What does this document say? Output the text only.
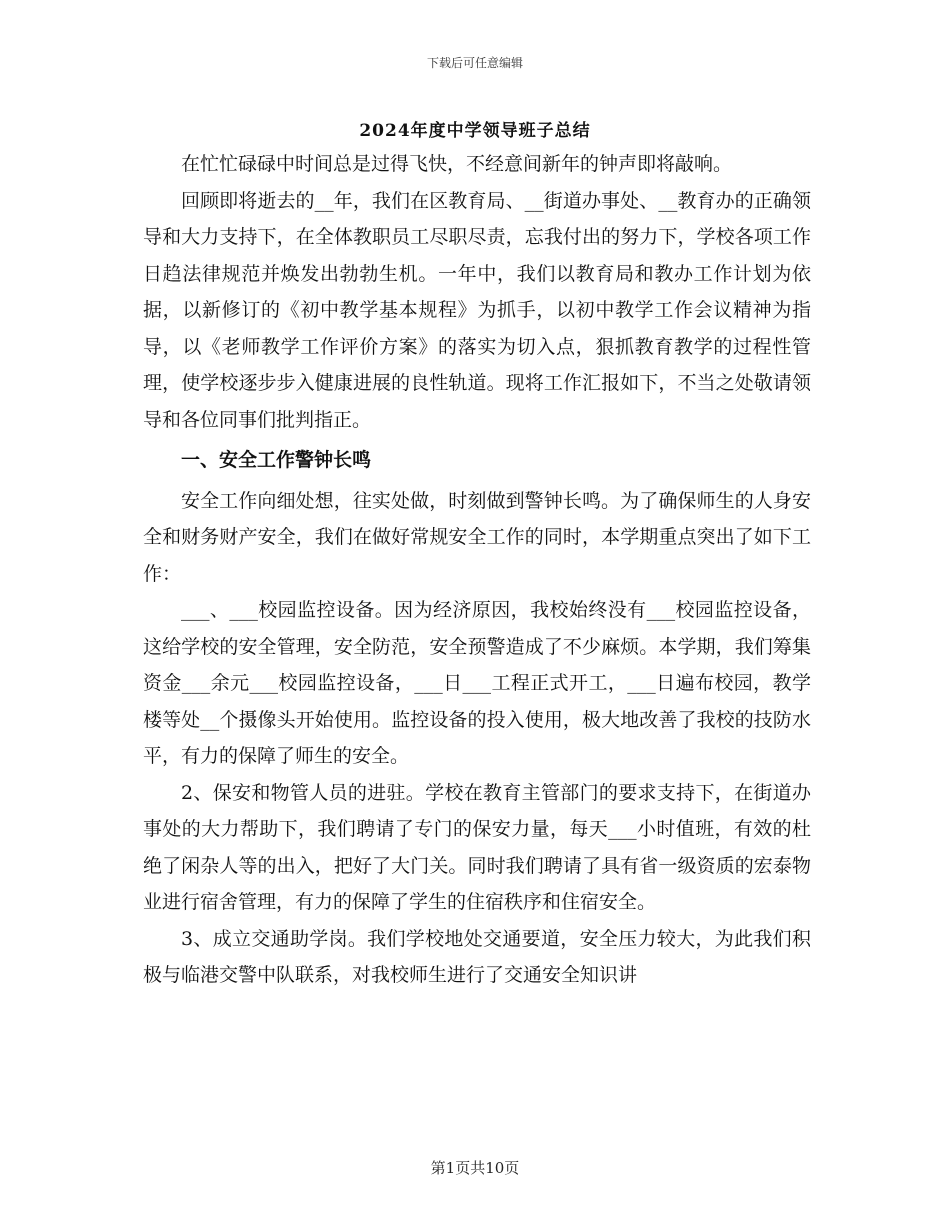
下载后可任意编辑
2024年度中学领导班子总结

在忙忙碌碌中时间总是过得飞快，不经意间新年的钟声即将敲响。

回顾即将逝去的__年，我们在区教育局、__街道办事处、__教育办的正确领导和大力支持下，在全体教职员工尽职尽责，忘我付出的努力下，学校各项工作日趋法律规范并焕发出勃勃生机。一年中，我们以教育局和教办工作计划为依据，以新修订的《初中教学基本规程》为抓手，以初中教学工作会议精神为指导，以《老师教学工作评价方案》的落实为切入点，狠抓教育教学的过程性管理，使学校逐步步入健康进展的良性轨道。现将工作汇报如下，不当之处敬请领导和各位同事们批判指正。

一、安全工作警钟长鸣

安全工作向细处想，往实处做，时刻做到警钟长鸣。为了确保师生的人身安全和财务财产安全，我们在做好常规安全工作的同时，本学期重点突出了如下工作：

___、___校园监控设备。因为经济原因，我校始终没有___校园监控设备，这给学校的安全管理，安全防范，安全预警造成了不少麻烦。本学期，我们筹集资金___余元___校园监控设备，___日___工程正式开工，___日遍布校园，教学楼等处__个摄像头开始使用。监控设备的投入使用，极大地改善了我校的技防水平，有力的保障了师生的安全。

2、保安和物管人员的进驻。学校在教育主管部门的要求支持下，在街道办事处的大力帮助下，我们聘请了专门的保安力量，每天___小时值班，有效的杜绝了闲杂人等的出入，把好了大门关。同时我们聘请了具有省一级资质的宏泰物业进行宿舍管理，有力的保障了学生的住宿秩序和住宿安全。

3、成立交通助学岗。我们学校地处交通要道，安全压力较大，为此我们积极与临港交警中队联系，对我校师生进行了交通安全知识讲

第1页共10页
